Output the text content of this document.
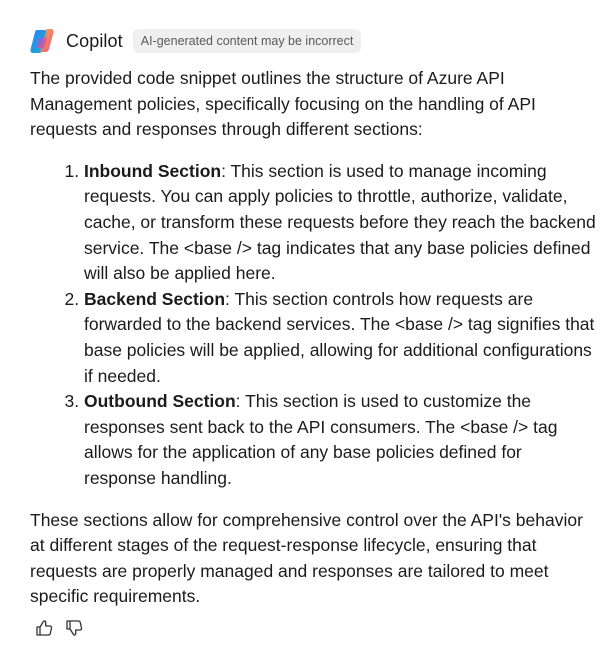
Copilot	AI-generated content may be incorrect

The provided code snippet outlines the structure of Azure API Management policies, specifically focusing on the handling of API requests and responses through different sections:

1. Inbound Section: This section is used to manage incoming requests. You can apply policies to throttle, authorize, validate, cache, or transform these requests before they reach the backend service. The <base /> tag indicates that any base policies defined will also be applied here.
2. Backend Section: This section controls how requests are forwarded to the backend services. The <base /> tag signifies that base policies will be applied, allowing for additional configurations if needed.
3. Outbound Section: This section is used to customize the responses sent back to the API consumers. The <base /> tag allows for the application of any base policies defined for response handling.

These sections allow for comprehensive control over the API's behavior at different stages of the request-response lifecycle, ensuring that requests are properly managed and responses are tailored to meet specific requirements.
